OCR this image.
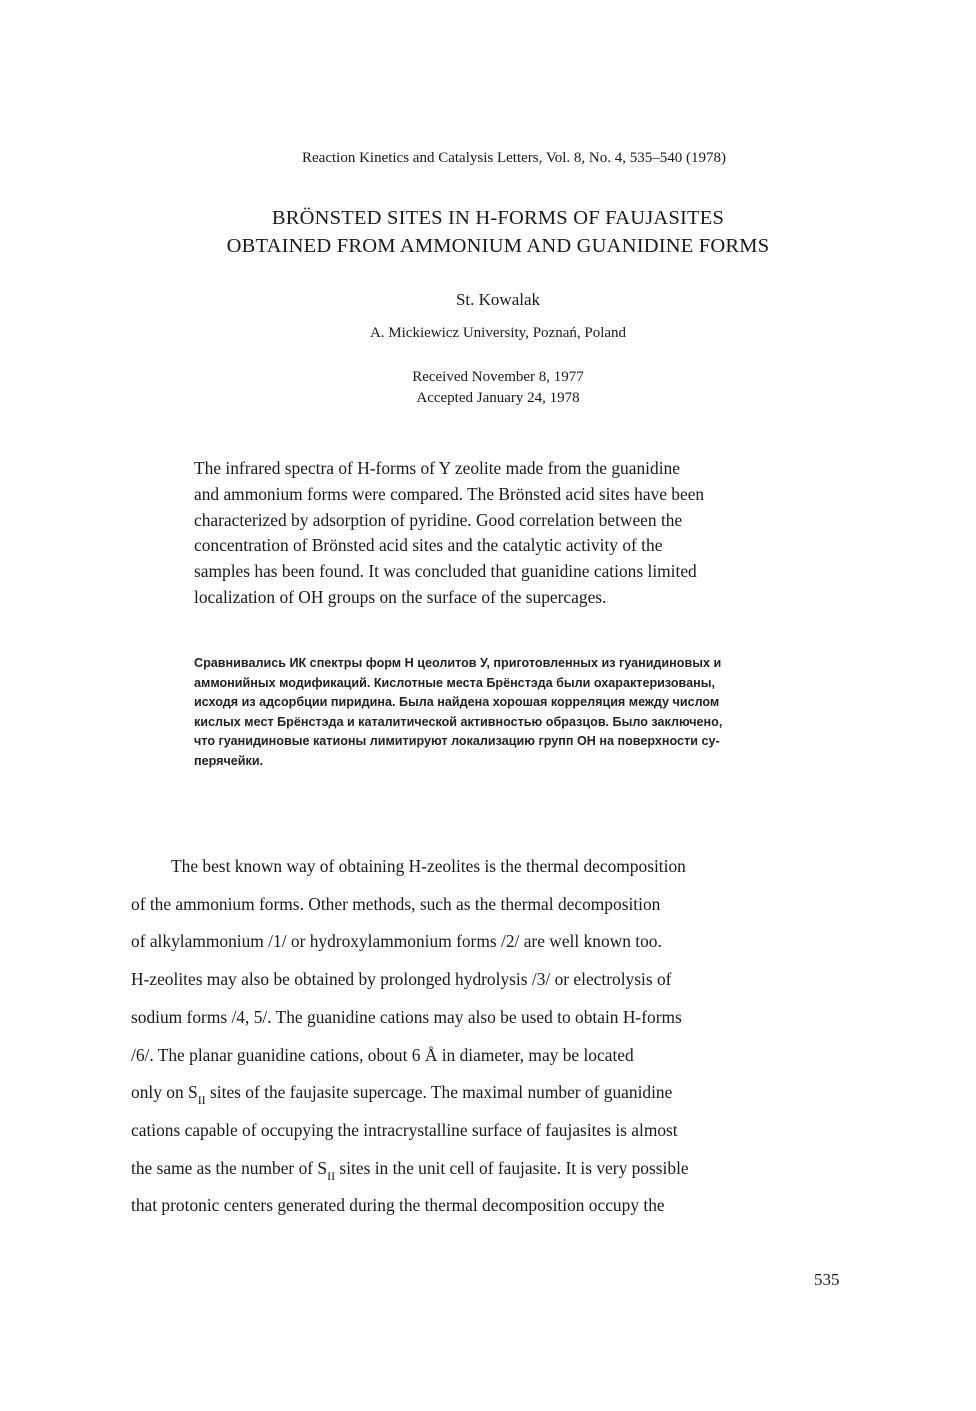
Reaction Kinetics and Catalysis Letters, Vol. 8, No. 4, 535–540 (1978)

BRÖNSTED SITES IN H-FORMS OF FAUJASITES
OBTAINED FROM AMMONIUM AND GUANIDINE FORMS

St. Kowalak

A. Mickiewicz University, Poznań, Poland

Received November 8, 1977
Accepted January 24, 1978
The infrared spectra of H-forms of Y zeolite made from the guanidine
and ammonium forms were compared. The Brönsted acid sites have been
characterized by adsorption of pyridine. Good correlation between the
concentration of Brönsted acid sites and the catalytic activity of the
samples has been found. It was concluded that guanidine cations limited
localization of OH groups on the surface of the supercages.
Сравнивались ИК спектры форм Н цеолитов У, приготовленных из гуанидиновых и
аммонийных модификаций. Кислотные места Брёнстэда были охарактеризованы,
исходя из адсорбции пиридина. Была найдена хорошая корреляция между числом
кислых мест Брёнстэда и каталитической активностью образцов. Было заключено,
что гуанидиновые катионы лимитируют локализацию групп ОН на поверхности су-
перячейки.
The best known way of obtaining H-zeolites is the thermal decomposition
of the ammonium forms. Other methods, such as the thermal decomposition
of alkylammonium /1/ or hydroxylammonium forms /2/ are well known too.
H-zeolites may also be obtained by prolonged hydrolysis /3/ or electrolysis of
sodium forms /4, 5/. The guanidine cations may also be used to obtain H-forms
/6/. The planar guanidine cations, obout 6 Å in diameter, may be located
only on $S_{II}$ sites of the faujasite supercage. The maximal number of guanidine
cations capable of occupying the intracrystalline surface of faujasites is almost
the same as the number of $S_{II}$ sites in the unit cell of faujasite. It is very possible
that protonic centers generated during the thermal decomposition occupy the

535
